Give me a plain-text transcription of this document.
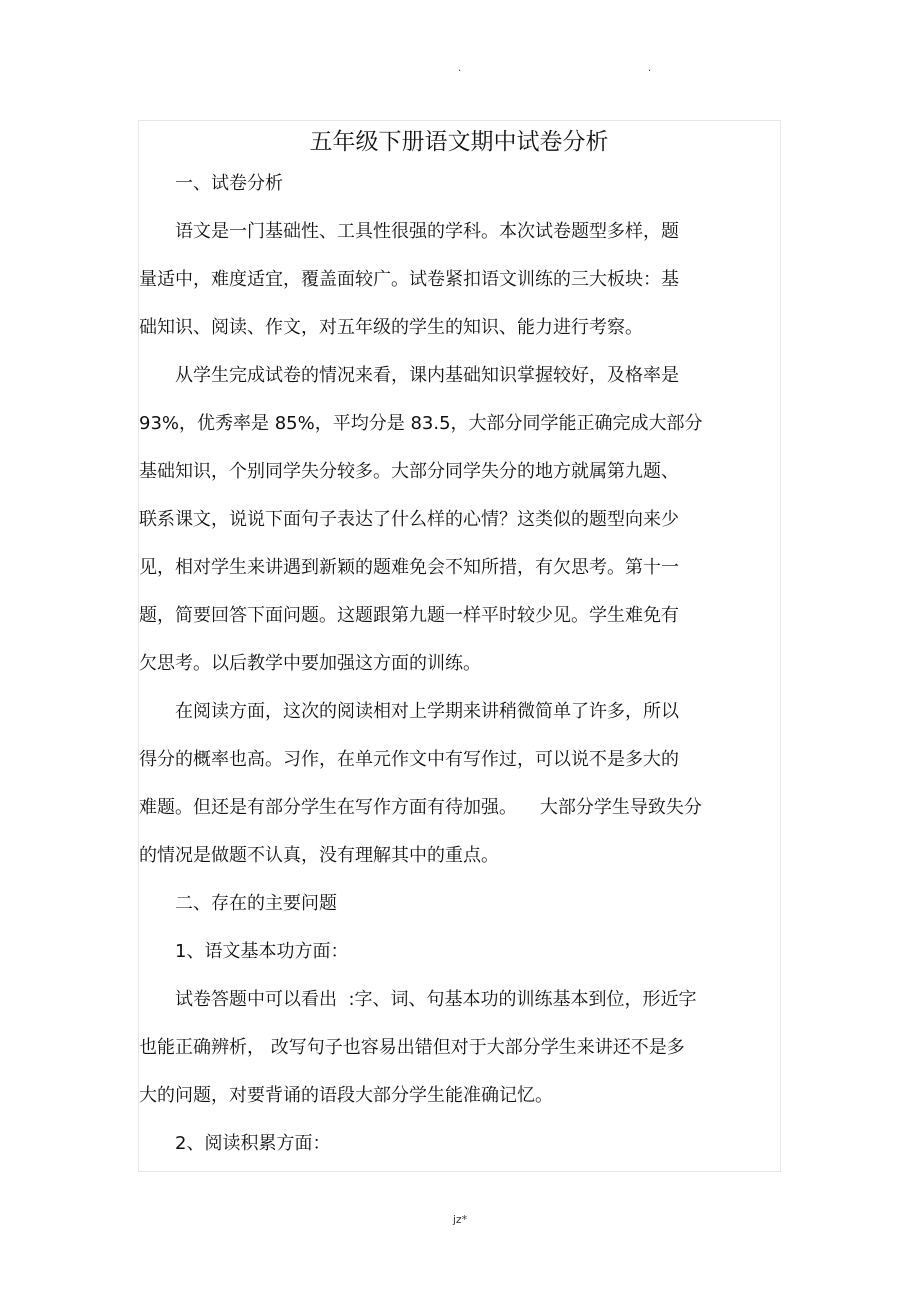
.	.
五年级下册语文期中试卷分析
一、试卷分析
语文是一门基础性、工具性很强的学科。本次试卷题型多样，题
量适中，难度适宜，覆盖面较广。试卷紧扣语文训练的三大板块：基
础知识、阅读、作文，对五年级的学生的知识、能力进行考察。
从学生完成试卷的情况来看，课内基础知识掌握较好，及格率是
93%，优秀率是 85%，平均分是 83.5，大部分同学能正确完成大部分
基础知识，个别同学失分较多。大部分同学失分的地方就属第九题、
联系课文，说说下面句子表达了什么样的心情？这类似的题型向来少
见，相对学生来讲遇到新颖的题难免会不知所措，有欠思考。第十一
题，简要回答下面问题。这题跟第九题一样平时较少见。学生难免有
欠思考。以后教学中要加强这方面的训练。
在阅读方面，这次的阅读相对上学期来讲稍微简单了许多，所以
得分的概率也高。习作，在单元作文中有写作过，可以说不是多大的
难题。但还是有部分学生在写作方面有待加强。    大部分学生导致失分
的情况是做题不认真，没有理解其中的重点。
二、存在的主要问题
1、语文基本功方面：
试卷答题中可以看出  :字、词、句基本功的训练基本到位，形近字
也能正确辨析， 改写句子也容易出错但对于大部分学生来讲还不是多
大的问题，对要背诵的语段大部分学生能准确记忆。
2、阅读积累方面：
jz*
